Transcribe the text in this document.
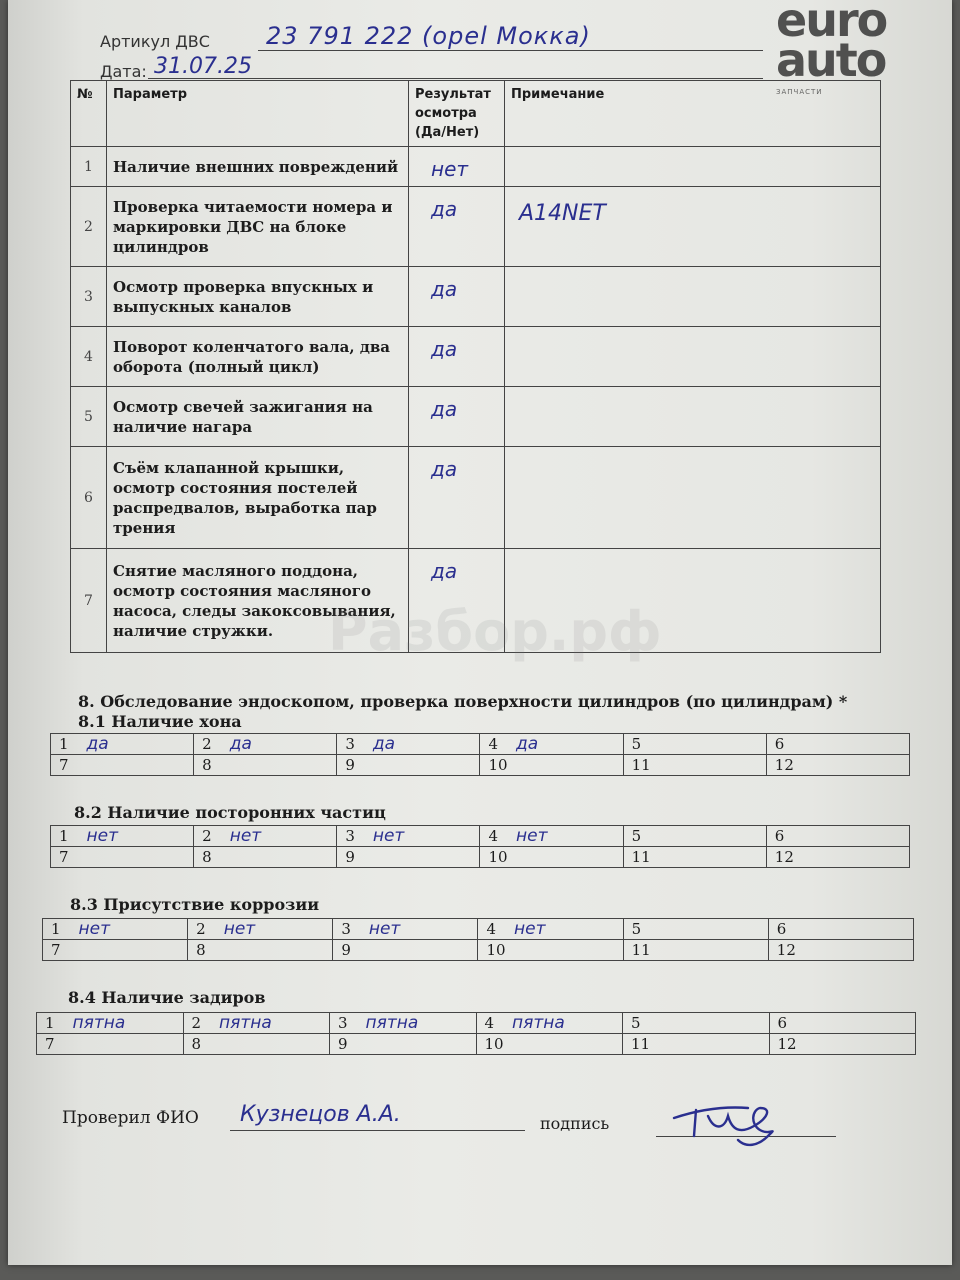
Артикул ДВС 23 791 222 (opel Мокка)
Дата: 31.07.25
euro
auto
ЗАПЧАСТИ
№	Параметр	Результат осмотра (Да/Нет)	Примечание
1	Наличие внешних повреждений	нет	
2	Проверка читаемости номера и маркировки ДВС на блоке цилиндров	да	A14NET
3	Осмотр проверка впускных и выпускных каналов	да	
4	Поворот коленчатого вала, два оборота (полный цикл)	да	
5	Осмотр свечей зажигания на наличие нагара	да	
6	Съём клапанной крышки, осмотр состояния постелей распредвалов, выработка пар трения	да	
7	Снятие масляного поддона, осмотр состояния масляного насоса, следы закоксовывания, наличие стружки.	да	
Разбор.рф
8. Обследование эндоскопом, проверка поверхности цилиндров (по цилиндрам) *
8.1 Наличие хона
1 да	2 да	3 да	4 да	5	6
7	8	9	10	11	12
8.2 Наличие посторонних частиц
1 нет	2 нет	3 нет	4 нет	5	6
7	8	9	10	11	12
8.3 Присутствие коррозии
1 нет	2 нет	3 нет	4 нет	5	6
7	8	9	10	11	12
8.4 Наличие задиров
1 пятна	2 пятна	3 пятна	4 пятна	5	6
7	8	9	10	11	12
Проверил ФИО Кузнецов А.А.	подпись
